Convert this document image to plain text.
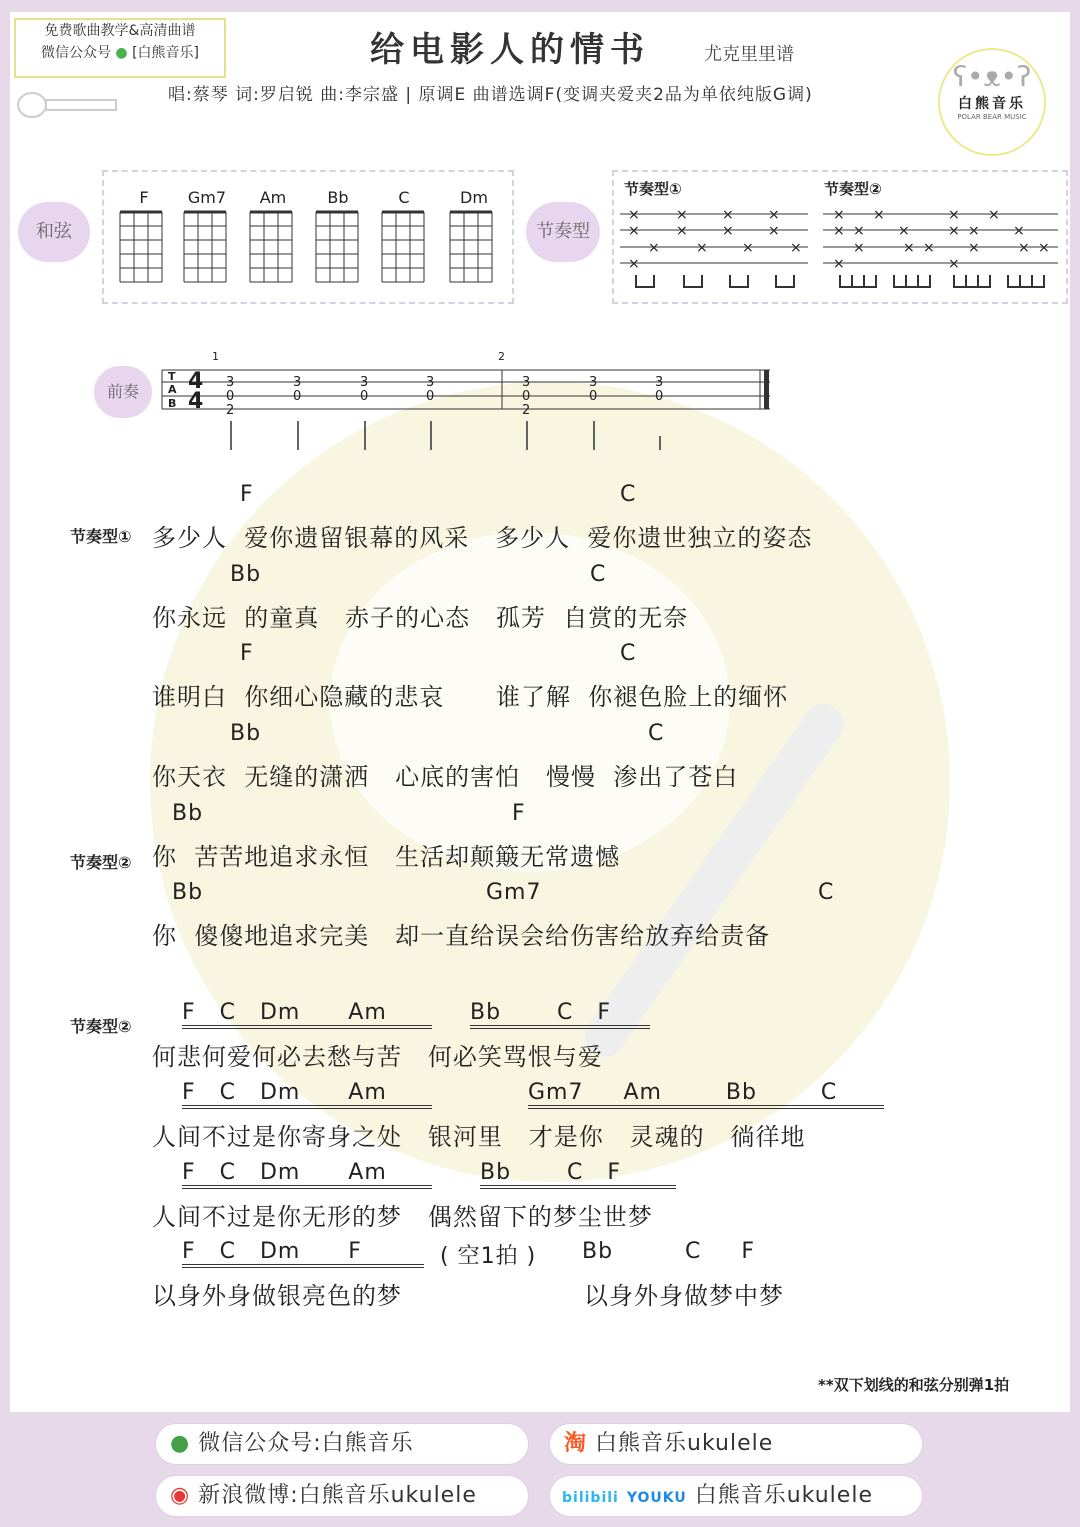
免费歌曲教学&高清曲谱
微信公众号 ● [白熊音乐]	给电影人的情书	尤克里里谱
唱:蔡琴 词:罗启锐 曲:李宗盛 | 原调E 曲谱选调F(变调夹爱夹2品为单依纯版G调)
ʕ•ᴥ•ʔ
白熊音乐
POLAR BEAR MUSIC
和弦
F	Gm7	Am	Bb	C	Dm
节奏型
节奏型①	节奏型②
×	× × ×
×	× × ×
×	× ×	×
×
× ×	× ×
× × ×	× × ×
×	× × ×	× ×
×	×
前奏
1	2
T
A
B
4
4
3
0
2
3
0
3
0
3
0
3
0
2
3
0
3
0
节奏型①
F	C
多少人  爱你遗留银幕的风采   多少人  爱你遗世独立的姿态
Bb	C
你永远  的童真   赤子的心态   孤芳  自赏的无奈
F	C
谁明白  你细心隐藏的悲哀      谁了解  你褪色脸上的缅怀
Bb	C
你天衣  无缝的潇洒   心底的害怕   慢慢  渗出了苍白
节奏型②
Bb	F
你  苦苦地追求永恒   生活却颠簸无常遗憾
Bb	Gm7	C
你  傻傻地追求完美   却一直给误会给伤害给放弃给责备
节奏型②
F   C   Dm      Am	Bb       C   F
何悲何爱何必去愁与苦   何必笑骂恨与爱
F   C   Dm      Am	Gm7     Am        Bb        C
人间不过是你寄身之处   银河里   才是你   灵魂的   徜徉地
F   C   Dm      Am	Bb       C   F
人间不过是你无形的梦   偶然留下的梦尘世梦
F   C   Dm      F	( 空1拍 ) Bb         C     F
以身外身做银亮色的梦	以身外身做梦中梦
**双下划线的和弦分别弹1拍
● 微信公众号:白熊音乐	淘 白熊音乐ukulele
◉ 新浪微博:白熊音乐ukulele	bilibili YOUKU 白熊音乐ukulele
